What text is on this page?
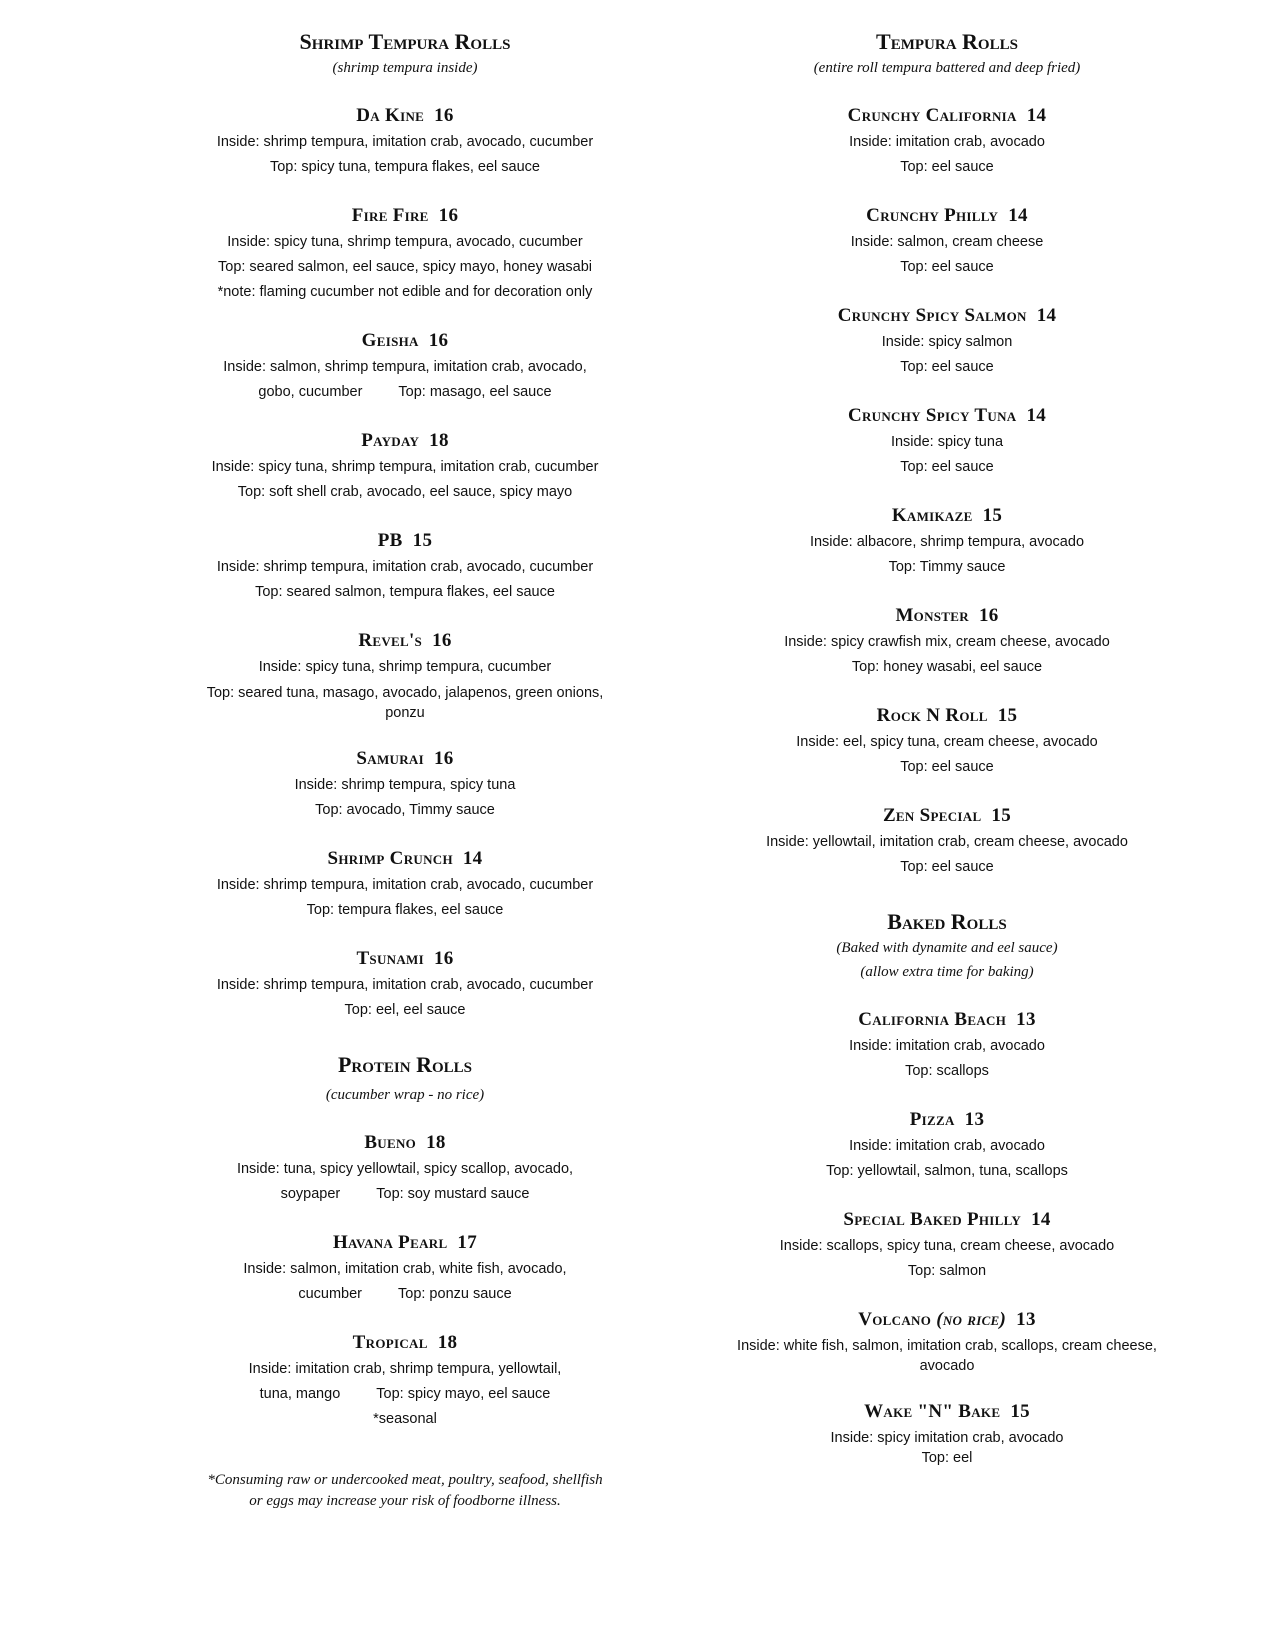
Shrimp Tempura Rolls
(shrimp tempura inside)
Da Kine 16
Inside: shrimp tempura, imitation crab, avocado, cucumber
Top: spicy tuna, tempura flakes, eel sauce
Fire Fire 16
Inside: spicy tuna, shrimp tempura, avocado, cucumber
Top: seared salmon, eel sauce, spicy mayo, honey wasabi
*note: flaming cucumber not edible and for decoration only
Geisha 16
Inside: salmon, shrimp tempura, imitation crab, avocado,
gobo, cucumber Top: masago, eel sauce
Payday 18
Inside: spicy tuna, shrimp tempura, imitation crab, cucumber
Top: soft shell crab, avocado, eel sauce, spicy mayo
PB 15
Inside: shrimp tempura, imitation crab, avocado, cucumber
Top: seared salmon, tempura flakes, eel sauce
Revel's 16
Inside: spicy tuna, shrimp tempura, cucumber
Top: seared tuna, masago, avocado, jalapenos, green onions, ponzu
Samurai 16
Inside: shrimp tempura, spicy tuna
Top: avocado, Timmy sauce
Shrimp Crunch 14
Inside: shrimp tempura, imitation crab, avocado, cucumber
Top: tempura flakes, eel sauce
Tsunami 16
Inside: shrimp tempura, imitation crab, avocado, cucumber
Top: eel, eel sauce
Protein Rolls
(cucumber wrap - no rice)
Bueno 18
Inside: tuna, spicy yellowtail, spicy scallop, avocado,
soypaper Top: soy mustard sauce
Havana Pearl 17
Inside: salmon, imitation crab, white fish, avocado,
cucumber Top: ponzu sauce
Tropical 18
Inside: imitation crab, shrimp tempura, yellowtail,
tuna, mango Top: spicy mayo, eel sauce
*seasonal
*Consuming raw or undercooked meat, poultry, seafood, shellfish or eggs may increase your risk of foodborne illness.
Tempura Rolls
(entire roll tempura battered and deep fried)
Crunchy California 14
Inside: imitation crab, avocado
Top: eel sauce
Crunchy Philly 14
Inside: salmon, cream cheese
Top: eel sauce
Crunchy Spicy Salmon 14
Inside: spicy salmon
Top: eel sauce
Crunchy Spicy Tuna 14
Inside: spicy tuna
Top: eel sauce
Kamikaze 15
Inside: albacore, shrimp tempura, avocado
Top: Timmy sauce
Monster 16
Inside: spicy crawfish mix, cream cheese, avocado
Top: honey wasabi, eel sauce
Rock N Roll 15
Inside: eel, spicy tuna, cream cheese, avocado
Top: eel sauce
Zen Special 15
Inside: yellowtail, imitation crab, cream cheese, avocado
Top: eel sauce
Baked Rolls
(Baked with dynamite and eel sauce)
(allow extra time for baking)
California Beach 13
Inside: imitation crab, avocado
Top: scallops
Pizza 13
Inside: imitation crab, avocado
Top: yellowtail, salmon, tuna, scallops
Special Baked Philly 14
Inside: scallops, spicy tuna, cream cheese, avocado
Top: salmon
Volcano (no rice) 13
Inside: white fish, salmon, imitation crab, scallops, cream cheese, avocado
Wake "N" Bake 15
Inside: spicy imitation crab, avocado
Top: eel
